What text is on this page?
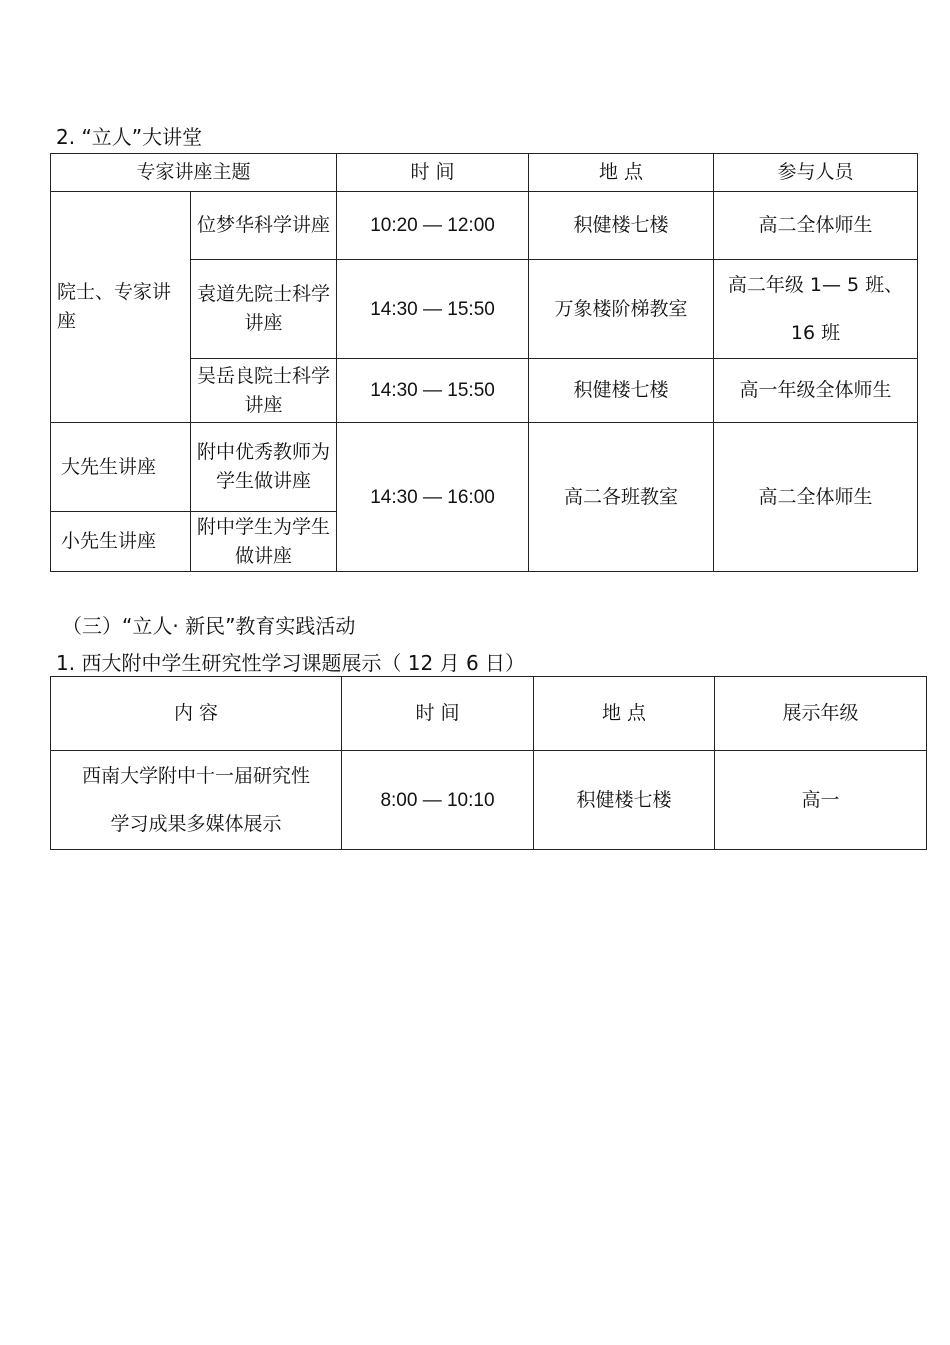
2. “立人”大讲堂
专家讲座主题		时 间	地 点	参与人员

院士、专家讲座	位梦华科学讲座	10:20 — 12:00	积健楼七楼	高二全体师生

	袁道先院士科学讲座	14:30 — 15:50	万象楼阶梯教室	高二年级 1— 5 班、
16 班

	吴岳良院士科学讲座	14:30 — 15:50	积健楼七楼	高一年级全体师生
大先生讲座	附中优秀教师为学生做讲座	14:30 — 16:00	高二各班教室	高二全体师生
小先生讲座	附中学生为学生做讲座			
（三）“立人· 新民”教育实践活动
1. 西大附中学生研究性学习课题展示（ 12 月 6 日）
内 容	时 间	地 点	展示年级

西南大学附中十一届研究性
学习成果多媒体展示	8:00 — 10:10	积健楼七楼	高一
